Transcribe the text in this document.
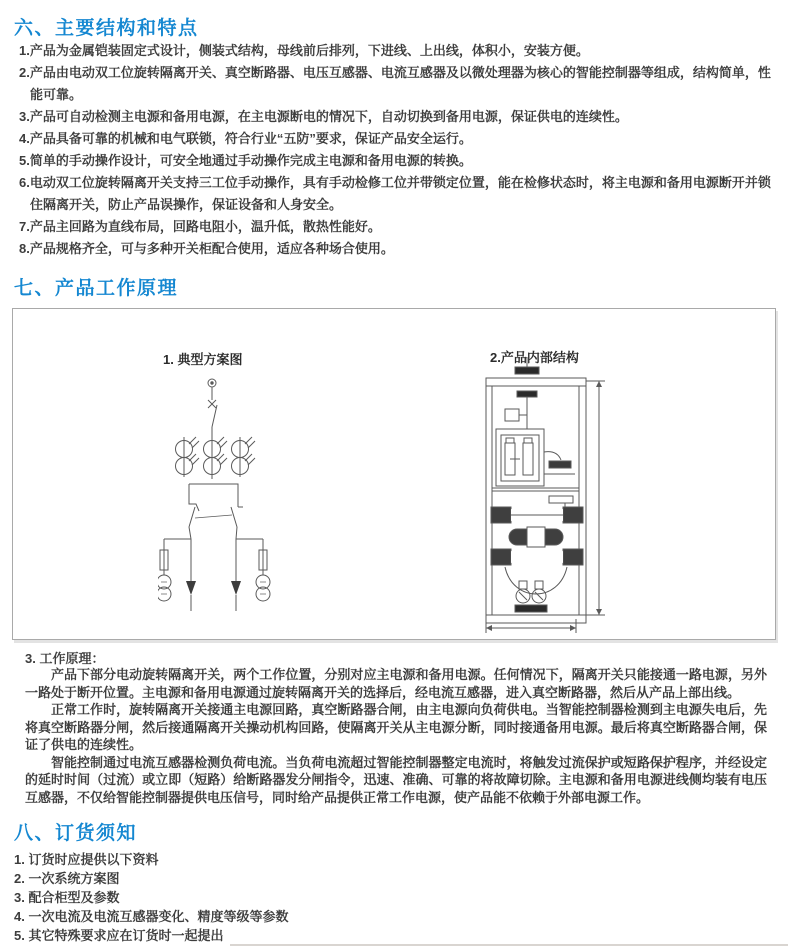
六、主要结构和特点
1.产品为金属铠装固定式设计，侧装式结构，母线前后排列，下进线、上出线，体积小，安装方便。
2.产品由电动双工位旋转隔离开关、真空断路器、电压互感器、电流互感器及以微处理器为核心的智能控制器等组成，结构简单，性能可靠。
3.产品可自动检测主电源和备用电源，在主电源断电的情况下，自动切换到备用电源，保证供电的连续性。
4.产品具备可靠的机械和电气联锁，符合行业“五防”要求，保证产品安全运行。
5.简单的手动操作设计，可安全地通过手动操作完成主电源和备用电源的转换。
6.电动双工位旋转隔离开关支持三工位手动操作，具有手动检修工位并带锁定位置，能在检修状态时，将主电源和备用电源断开并锁住隔离开关，防止产品误操作，保证设备和人身安全。
7.产品主回路为直线布局，回路电阻小，温升低，散热性能好。
8.产品规格齐全，可与多种开关柜配合使用，适应各种场合使用。
七、产品工作原理
1. 典型方案图	2.产品内部结构
3. 工作原理：

产品下部分电动旋转隔离开关，两个工作位置，分别对应主电源和备用电源。任何情况下，隔离开关只能接通一路电源，另外一路处于断开位置。主电源和备用电源通过旋转隔离开关的选择后，经电流互感器，进入真空断路器，然后从产品上部出线。

正常工作时，旋转隔离开关接通主电源回路，真空断路器合闸，由主电源向负荷供电。当智能控制器检测到主电源失电后，先将真空断路器分闸，然后接通隔离开关操动机构回路，使隔离开关从主电源分断，同时接通备用电源。最后将真空断路器合闸，保证了供电的连续性。

智能控制通过电流互感器检测负荷电流。当负荷电流超过智能控制器整定电流时，将触发过流保护或短路保护程序，并经设定的延时时间（过流）或立即（短路）给断路器发分闸指令，迅速、准确、可靠的将故障切除。主电源和备用电源进线侧均装有电压互感器，不仅给智能控制器提供电压信号，同时给产品提供正常工作电源，使产品能不依赖于外部电源工作。

八、订货须知
1. 订货时应提供以下资料
2. 一次系统方案图
3. 配合柜型及参数
4. 一次电流及电流互感器变化、精度等级等参数
5. 其它特殊要求应在订货时一起提出
